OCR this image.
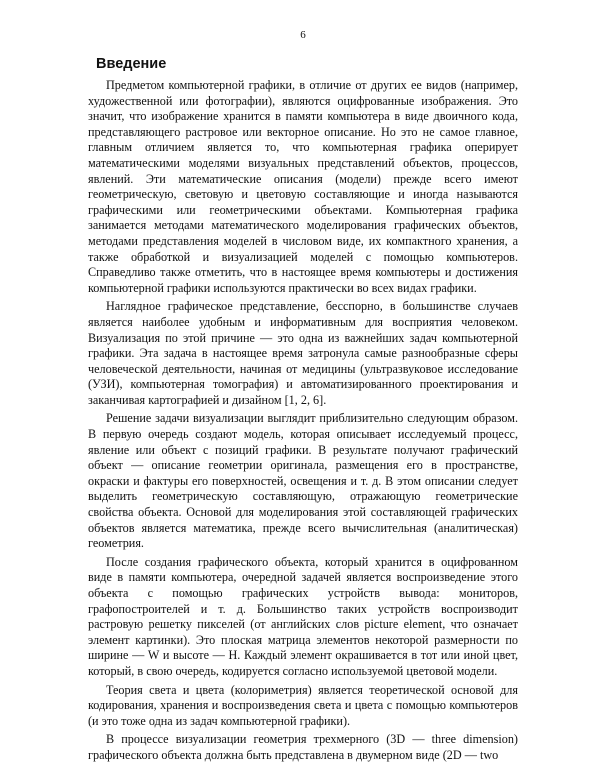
6
Введение

Предметом компьютерной графики, в отличие от других ее видов (например, художественной или фотографии), являются оцифрованные изображения. Это значит, что изображение хранится в памяти компьютера в виде двоичного кода, представляющего растровое или векторное описание. Но это не самое главное, главным отличием является то, что компьютерная графика оперирует математическими моделями визуальных представлений объектов, процессов, явлений. Эти математические описания (модели) прежде всего имеют геометрическую, световую и цветовую составляющие и иногда называются графическими или геометрическими объектами. Компьютерная графика занимается методами математического моделирования графических объектов, методами представления моделей в числовом виде, их компактного хранения, а также обработкой и визуализацией моделей с помощью компьютеров. Справедливо также отметить, что в настоящее время компьютеры и достижения компьютерной графики используются практически во всех видах графики.

Наглядное графическое представление, бесспорно, в большинстве случаев является наиболее удобным и информативным для восприятия человеком. Визуализация по этой причине — это одна из важнейших задач компьютерной графики. Эта задача в настоящее время затронула самые разнообразные сферы человеческой деятельности, начиная от медицины (ультразвуковое исследование (УЗИ), компьютерная томография) и автоматизированного проектирования и заканчивая картографией и дизайном [1, 2, 6].

Решение задачи визуализации выглядит приблизительно следующим образом. В первую очередь создают модель, которая описывает исследуемый процесс, явление или объект с позиций графики. В результате получают графический объект — описание геометрии оригинала, размещения его в пространстве, окраски и фактуры его поверхностей, освещения и т. д. В этом описании следует выделить геометрическую составляющую, отражающую геометрические свойства объекта. Основой для моделирования этой составляющей графических объектов является математика, прежде всего вычислительная (аналитическая) геометрия.

После создания графического объекта, который хранится в оцифрованном виде в памяти компьютера, очередной задачей является воспроизведение этого объекта с помощью графических устройств вывода: мониторов, графопостроителей и т. д. Большинство таких устройств воспроизводит растровую решетку пикселей (от английских слов picture element, что означает элемент картинки). Это плоская матрица элементов некоторой размерности по ширине — W и высоте — H. Каждый элемент окрашивается в тот или иной цвет, который, в свою очередь, кодируется согласно используемой цветовой модели.

Теория света и цвета (колориметрия) является теоретической основой для кодирования, хранения и воспроизведения света и цвета с помощью компьютеров (и это тоже одна из задач компьютерной графики).

В процессе визуализации геометрия трехмерного (3D — three dimension) графического объекта должна быть представлена в двумерном виде (2D — two
